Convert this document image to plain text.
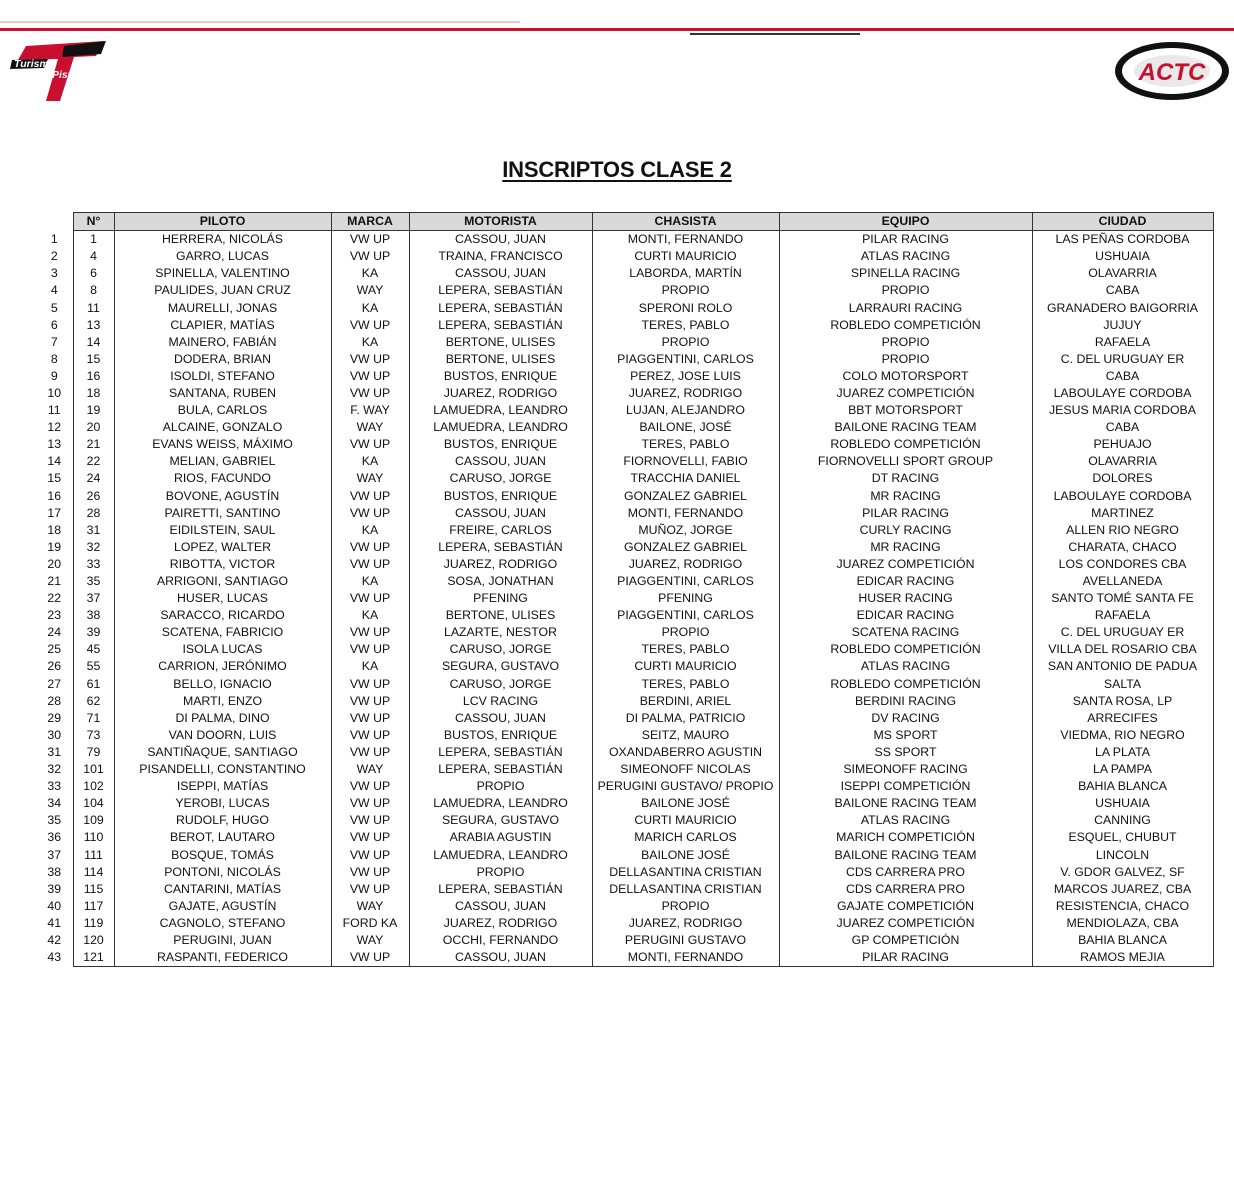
Turismo
Pista	ACTC
INSCRIPTOS CLASE 2
	N°	PILOTO	MARCA	MOTORISTA	CHASISTA	EQUIPO	CIUDAD
1	1	HERRERA, NICOLÁS	VW UP	CASSOU, JUAN	MONTI, FERNANDO	PILAR RACING	LAS PEÑAS CORDOBA
2	4	GARRO, LUCAS	VW UP	TRAINA, FRANCISCO	CURTI MAURICIO	ATLAS RACING	USHUAIA
3	6	SPINELLA, VALENTINO	KA	CASSOU, JUAN	LABORDA, MARTÍN	SPINELLA RACING	OLAVARRIA
4	8	PAULIDES, JUAN CRUZ	WAY	LEPERA, SEBASTIÁN	PROPIO	PROPIO	CABA
5	11	MAURELLI, JONAS	KA	LEPERA, SEBASTIÁN	SPERONI ROLO	LARRAURI RACING	GRANADERO BAIGORRIA
6	13	CLAPIER, MATÍAS	VW UP	LEPERA, SEBASTIÁN	TERES, PABLO	ROBLEDO COMPETICIÓN	JUJUY
7	14	MAINERO, FABIÁN	KA	BERTONE, ULISES	PROPIO	PROPIO	RAFAELA
8	15	DODERA, BRIAN	VW UP	BERTONE, ULISES	PIAGGENTINI, CARLOS	PROPIO	C. DEL URUGUAY ER
9	16	ISOLDI, STEFANO	VW UP	BUSTOS, ENRIQUE	PEREZ, JOSE LUIS	COLO MOTORSPORT	CABA
10	18	SANTANA, RUBEN	VW UP	JUAREZ, RODRIGO	JUAREZ, RODRIGO	JUAREZ COMPETICIÓN	LABOULAYE CORDOBA
11	19	BULA, CARLOS	F. WAY	LAMUEDRA, LEANDRO	LUJAN, ALEJANDRO	BBT MOTORSPORT	JESUS MARIA CORDOBA
12	20	ALCAINE, GONZALO	WAY	LAMUEDRA, LEANDRO	BAILONE, JOSÉ	BAILONE RACING TEAM	CABA
13	21	EVANS WEISS, MÁXIMO	VW UP	BUSTOS, ENRIQUE	TERES, PABLO	ROBLEDO COMPETICIÓN	PEHUAJO
14	22	MELIAN, GABRIEL	KA	CASSOU, JUAN	FIORNOVELLI, FABIO	FIORNOVELLI SPORT GROUP	OLAVARRIA
15	24	RIOS, FACUNDO	WAY	CARUSO, JORGE	TRACCHIA DANIEL	DT RACING	DOLORES
16	26	BOVONE, AGUSTÍN	VW UP	BUSTOS, ENRIQUE	GONZALEZ GABRIEL	MR RACING	LABOULAYE CORDOBA
17	28	PAIRETTI, SANTINO	VW UP	CASSOU, JUAN	MONTI, FERNANDO	PILAR RACING	MARTINEZ
18	31	EIDILSTEIN, SAUL	KA	FREIRE, CARLOS	MUÑOZ, JORGE	CURLY RACING	ALLEN RIO NEGRO
19	32	LOPEZ, WALTER	VW UP	LEPERA, SEBASTIÁN	GONZALEZ GABRIEL	MR RACING	CHARATA, CHACO
20	33	RIBOTTA, VICTOR	VW UP	JUAREZ, RODRIGO	JUAREZ, RODRIGO	JUAREZ COMPETICIÓN	LOS CONDORES CBA
21	35	ARRIGONI, SANTIAGO	KA	SOSA, JONATHAN	PIAGGENTINI, CARLOS	EDICAR RACING	AVELLANEDA
22	37	HUSER, LUCAS	VW UP	PFENING	PFENING	HUSER RACING	SANTO TOMÉ SANTA FE
23	38	SARACCO, RICARDO	KA	BERTONE, ULISES	PIAGGENTINI, CARLOS	EDICAR RACING	RAFAELA
24	39	SCATENA, FABRICIO	VW UP	LAZARTE, NESTOR	PROPIO	SCATENA RACING	C. DEL URUGUAY ER
25	45	ISOLA LUCAS	VW UP	CARUSO, JORGE	TERES, PABLO	ROBLEDO COMPETICIÓN	VILLA DEL ROSARIO CBA
26	55	CARRION, JERÓNIMO	KA	SEGURA, GUSTAVO	CURTI MAURICIO	ATLAS RACING	SAN ANTONIO DE PADUA
27	61	BELLO, IGNACIO	VW UP	CARUSO, JORGE	TERES, PABLO	ROBLEDO COMPETICIÓN	SALTA
28	62	MARTI, ENZO	VW UP	LCV RACING	BERDINI, ARIEL	BERDINI RACING	SANTA ROSA, LP
29	71	DI PALMA, DINO	VW UP	CASSOU, JUAN	DI PALMA, PATRICIO	DV RACING	ARRECIFES
30	73	VAN DOORN, LUIS	VW UP	BUSTOS, ENRIQUE	SEITZ, MAURO	MS SPORT	VIEDMA, RIO NEGRO
31	79	SANTIÑAQUE, SANTIAGO	VW UP	LEPERA, SEBASTIÁN	OXANDABERRO AGUSTIN	SS SPORT	LA PLATA
32	101	PISANDELLI, CONSTANTINO	WAY	LEPERA, SEBASTIÁN	SIMEONOFF NICOLAS	SIMEONOFF RACING	LA PAMPA
33	102	ISEPPI, MATÍAS	VW UP	PROPIO	PERUGINI GUSTAVO/ PROPIO	ISEPPI COMPETICIÓN	BAHIA BLANCA
34	104	YEROBI, LUCAS	VW UP	LAMUEDRA, LEANDRO	BAILONE JOSÉ	BAILONE RACING TEAM	USHUAIA
35	109	RUDOLF, HUGO	VW UP	SEGURA, GUSTAVO	CURTI MAURICIO	ATLAS RACING	CANNING
36	110	BEROT, LAUTARO	VW UP	ARABIA AGUSTIN	MARICH CARLOS	MARICH COMPETICIÓN	ESQUEL, CHUBUT
37	111	BOSQUE, TOMÁS	VW UP	LAMUEDRA, LEANDRO	BAILONE JOSÉ	BAILONE RACING TEAM	LINCOLN
38	114	PONTONI, NICOLÁS	VW UP	PROPIO	DELLASANTINA CRISTIAN	CDS CARRERA PRO	V. GDOR GALVEZ, SF
39	115	CANTARINI, MATÍAS	VW UP	LEPERA, SEBASTIÁN	DELLASANTINA CRISTIAN	CDS CARRERA PRO	MARCOS JUAREZ, CBA
40	117	GAJATE, AGUSTÍN	WAY	CASSOU, JUAN	PROPIO	GAJATE COMPETICIÓN	RESISTENCIA, CHACO
41	119	CAGNOLO, STEFANO	FORD KA	JUAREZ, RODRIGO	JUAREZ, RODRIGO	JUAREZ COMPETICIÓN	MENDIOLAZA, CBA
42	120	PERUGINI, JUAN	WAY	OCCHI, FERNANDO	PERUGINI GUSTAVO	GP COMPETICIÓN	BAHIA BLANCA
43	121	RASPANTI, FEDERICO	VW UP	CASSOU, JUAN	MONTI, FERNANDO	PILAR RACING	RAMOS MEJIA
